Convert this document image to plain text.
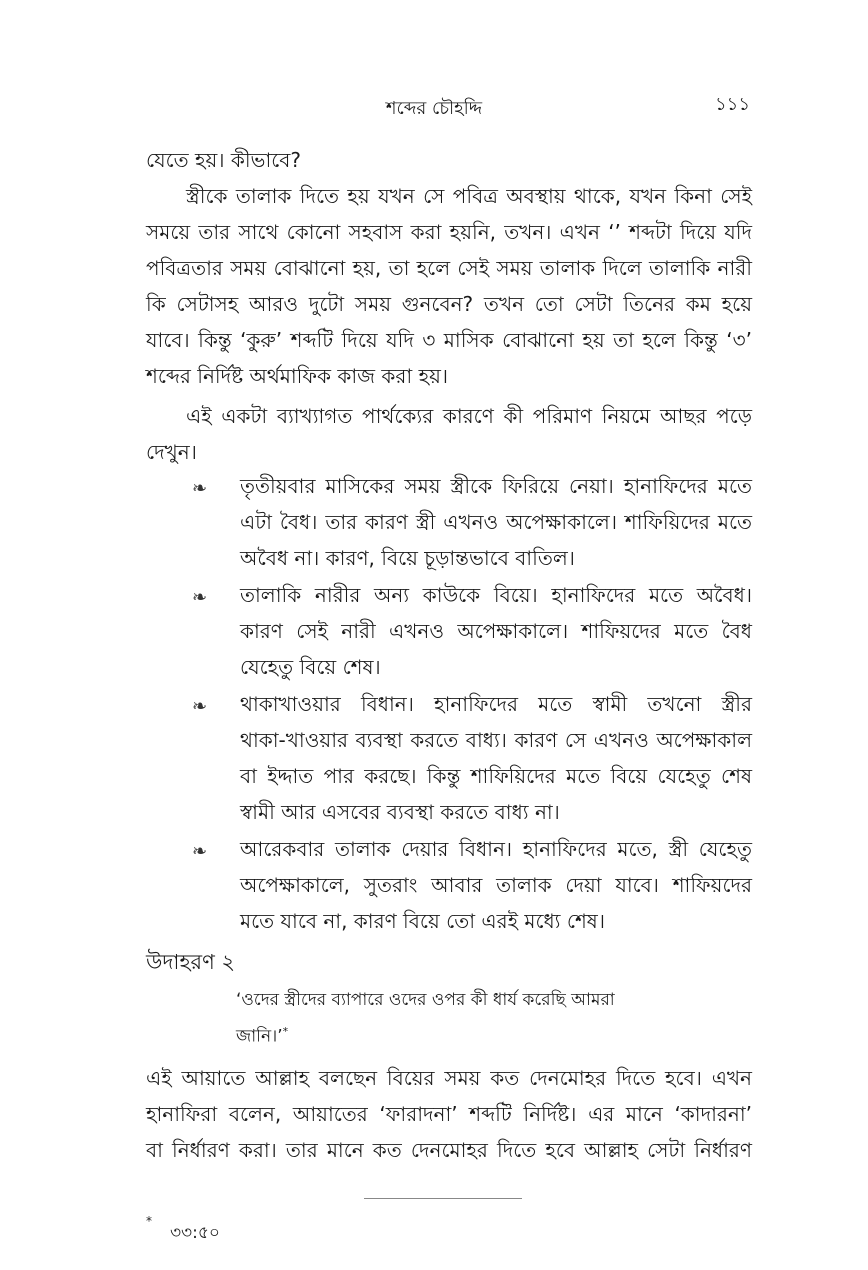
শব্দের চৌহদ্দি	১১১
যেতে হয়। কীভাবে?
স্ত্রীকে তালাক দিতে হয় যখন সে পবিত্র অবস্থায় থাকে, যখন কিনা সেই
সময়ে তার সাথে কোনো সহবাস করা হয়নি, তখন। এখন ‘’ শব্দটা দিয়ে যদি
পবিত্রতার সময় বোঝানো হয়, তা হলে সেই সময় তালাক দিলে তালাকি নারী
কি সেটাসহ আরও দুটো সময় গুনবেন? তখন তো সেটা তিনের কম হয়ে
যাবে। কিন্তু ‘কুরু’ শব্দটি দিয়ে যদি ৩ মাসিক বোঝানো হয় তা হলে কিন্তু ‘৩’
শব্দের নির্দিষ্ট অর্থমাফিক কাজ করা হয়।
এই একটা ব্যাখ্যাগত পার্থক্যের কারণে কী পরিমাণ নিয়মে আছর পড়ে
দেখুন।
❧ তৃতীয়বার মাসিকের সময় স্ত্রীকে ফিরিয়ে নেয়া। হানাফিদের মতে
এটা বৈধ। তার কারণ স্ত্রী এখনও অপেক্ষাকালে। শাফিয়িদের মতে
অবৈধ না। কারণ, বিয়ে চূড়ান্তভাবে বাতিল।
❧ তালাকি নারীর অন্য কাউকে বিয়ে। হানাফিদের মতে অবৈধ।
কারণ সেই নারী এখনও অপেক্ষাকালে। শাফিয়দের মতে বৈধ
যেহেতু বিয়ে শেষ।
❧ থাকাখাওয়ার বিধান। হানাফিদের মতে স্বামী তখনো স্ত্রীর
থাকা-খাওয়ার ব্যবস্থা করতে বাধ্য। কারণ সে এখনও অপেক্ষাকাল
বা ইদ্দাত পার করছে। কিন্তু শাফিয়িদের মতে বিয়ে যেহেতু শেষ
স্বামী আর এসবের ব্যবস্থা করতে বাধ্য না।
❧ আরেকবার তালাক দেয়ার বিধান। হানাফিদের মতে, স্ত্রী যেহেতু
অপেক্ষাকালে, সুতরাং আবার তালাক দেয়া যাবে। শাফিয়দের
মতে যাবে না, কারণ বিয়ে তো এরই মধ্যে শেষ।
উদাহরণ ২
‘ওদের স্ত্রীদের ব্যাপারে ওদের ওপর কী ধার্য করেছি আমরা
জানি।’*
এই আয়াতে আল্লাহ বলছেন বিয়ের সময় কত দেনমোহর দিতে হবে। এখন
হানাফিরা বলেন, আয়াতের ‘ফারাদনা’ শব্দটি নির্দিষ্ট। এর মানে ‘কাদারনা’
বা নির্ধারণ করা। তার মানে কত দেনমোহর দিতে হবে আল্লাহ সেটা নির্ধারণ
*
৩৩:৫০
